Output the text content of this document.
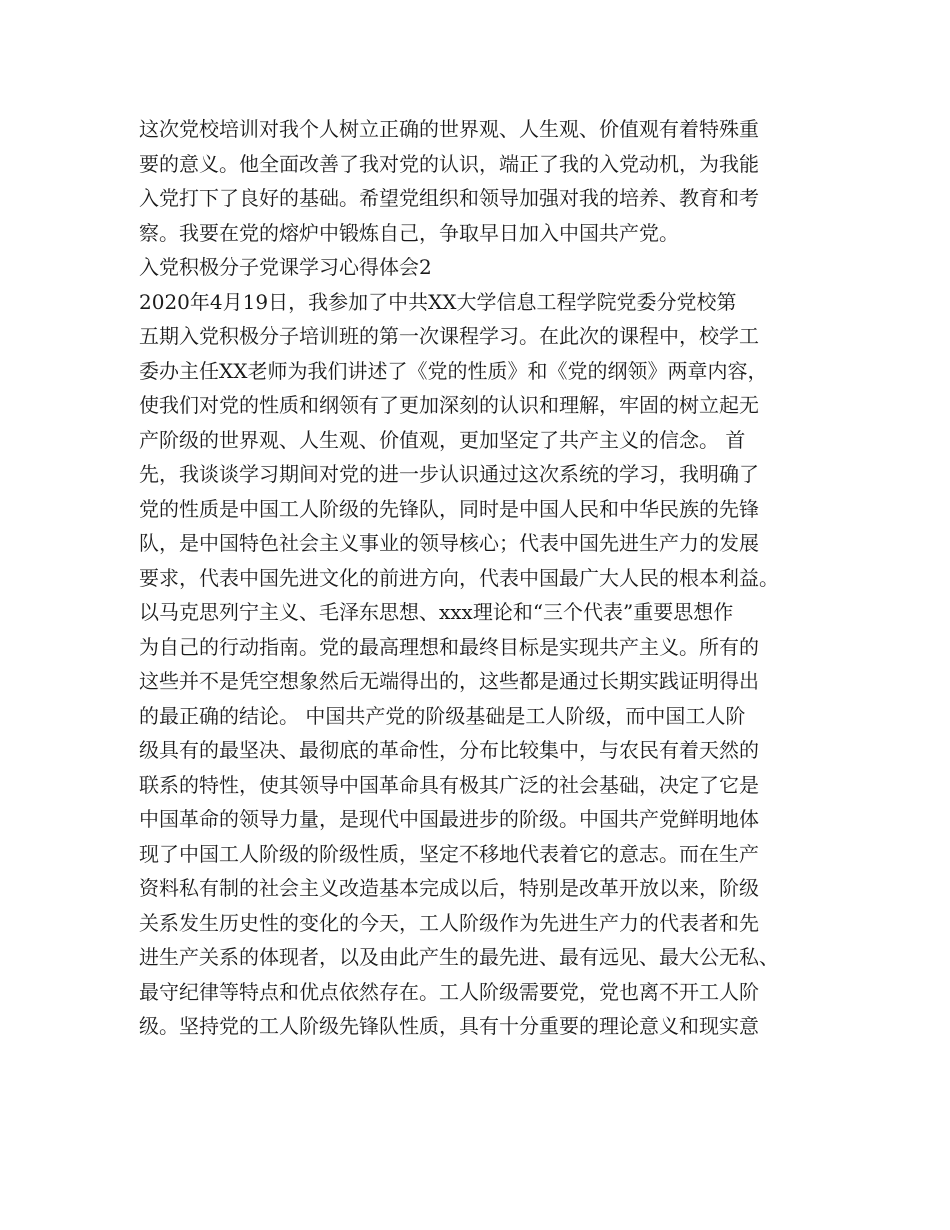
这次党校培训对我个人树立正确的世界观、人生观、价值观有着特殊重
要的意义。他全面改善了我对党的认识，端正了我的入党动机，为我能
入党打下了良好的基础。希望党组织和领导加强对我的培养、教育和考
察。我要在党的熔炉中锻炼自己，争取早日加入中国共产党。
入党积极分子党课学习心得体会2
2020年4月19日，我参加了中共XX大学信息工程学院党委分党校第
五期入党积极分子培训班的第一次课程学习。在此次的课程中，校学工
委办主任XX老师为我们讲述了《党的性质》和《党的纲领》两章内容，
使我们对党的性质和纲领有了更加深刻的认识和理解，牢固的树立起无
产阶级的世界观、人生观、价值观，更加坚定了共产主义的信念。 首
先，我谈谈学习期间对党的进一步认识通过这次系统的学习，我明确了
党的性质是中国工人阶级的先锋队，同时是中国人民和中华民族的先锋
队，是中国特色社会主义事业的领导核心；代表中国先进生产力的发展
要求，代表中国先进文化的前进方向，代表中国最广大人民的根本利益。
以马克思列宁主义、毛泽东思想、xxx理论和“三个代表”重要思想作
为自己的行动指南。党的最高理想和最终目标是实现共产主义。所有的
这些并不是凭空想象然后无端得出的，这些都是通过长期实践证明得出
的最正确的结论。 中国共产党的阶级基础是工人阶级，而中国工人阶
级具有的最坚决、最彻底的革命性，分布比较集中，与农民有着天然的
联系的特性，使其领导中国革命具有极其广泛的社会基础，决定了它是
中国革命的领导力量，是现代中国最进步的阶级。中国共产党鲜明地体
现了中国工人阶级的阶级性质，坚定不移地代表着它的意志。而在生产
资料私有制的社会主义改造基本完成以后，特别是改革开放以来，阶级
关系发生历史性的变化的今天，工人阶级作为先进生产力的代表者和先
进生产关系的体现者，以及由此产生的最先进、最有远见、最大公无私、
最守纪律等特点和优点依然存在。工人阶级需要党，党也离不开工人阶
级。坚持党的工人阶级先锋队性质，具有十分重要的理论意义和现实意
